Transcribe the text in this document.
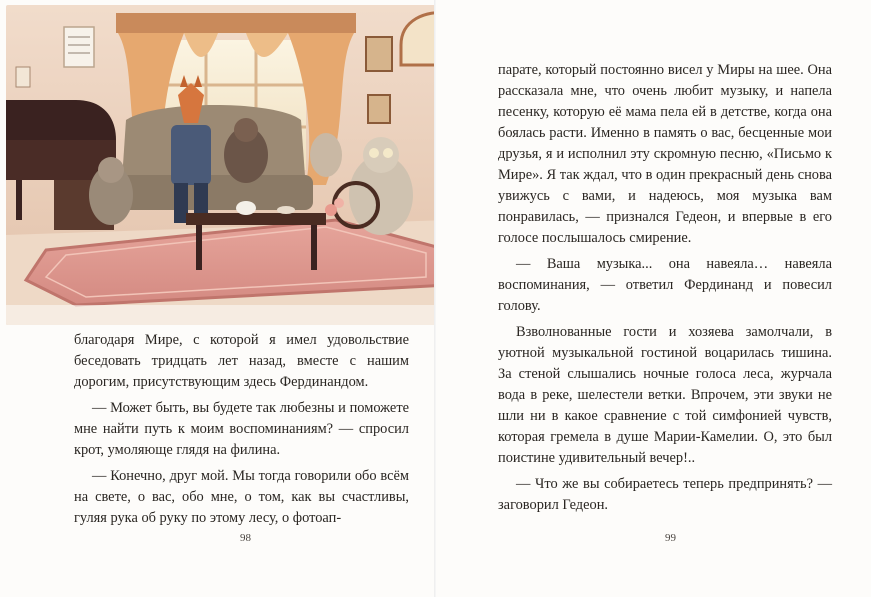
благодаря Мире, с которой я имел удовольствие беседовать тридцать лет назад, вместе с нашим дорогим, присутствующим здесь Фердинандом.

— Может быть, вы будете так любезны и поможете мне найти путь к моим воспоминаниям? — спросил крот, умоляюще глядя на филина.

— Конечно, друг мой. Мы тогда говорили обо всём на свете, о вас, обо мне, о том, как вы счастливы, гуляя рука об руку по этому лесу, о фотоап-

98

парате, который постоянно висел у Миры на шее. Она рассказала мне, что очень любит музыку, и напела песенку, которую её мама пела ей в детстве, когда она боялась расти. Именно в память о вас, бесценные мои друзья, я и исполнил эту скромную песню, «Письмо к Мире». Я так ждал, что в один прекрасный день снова увижусь с вами, и надеюсь, моя музыка вам понравилась, — признался Гедеон, и впервые в его голосе послышалось смирение.

— Ваша музыка... она навеяла… навеяла воспоминания, — ответил Фердинанд и повесил голову.

Взволнованные гости и хозяева замолчали, в уютной музыкальной гостиной воцарилась тишина. За стеной слышались ночные голоса леса, журчала вода в реке, шелестели ветки. Впрочем, эти звуки не шли ни в какое сравнение с той симфонией чувств, которая гремела в душе Марии-Камелии. О, это был поистине удивительный вечер!..

— Что же вы собираетесь теперь предпринять? — заговорил Гедеон.

99
